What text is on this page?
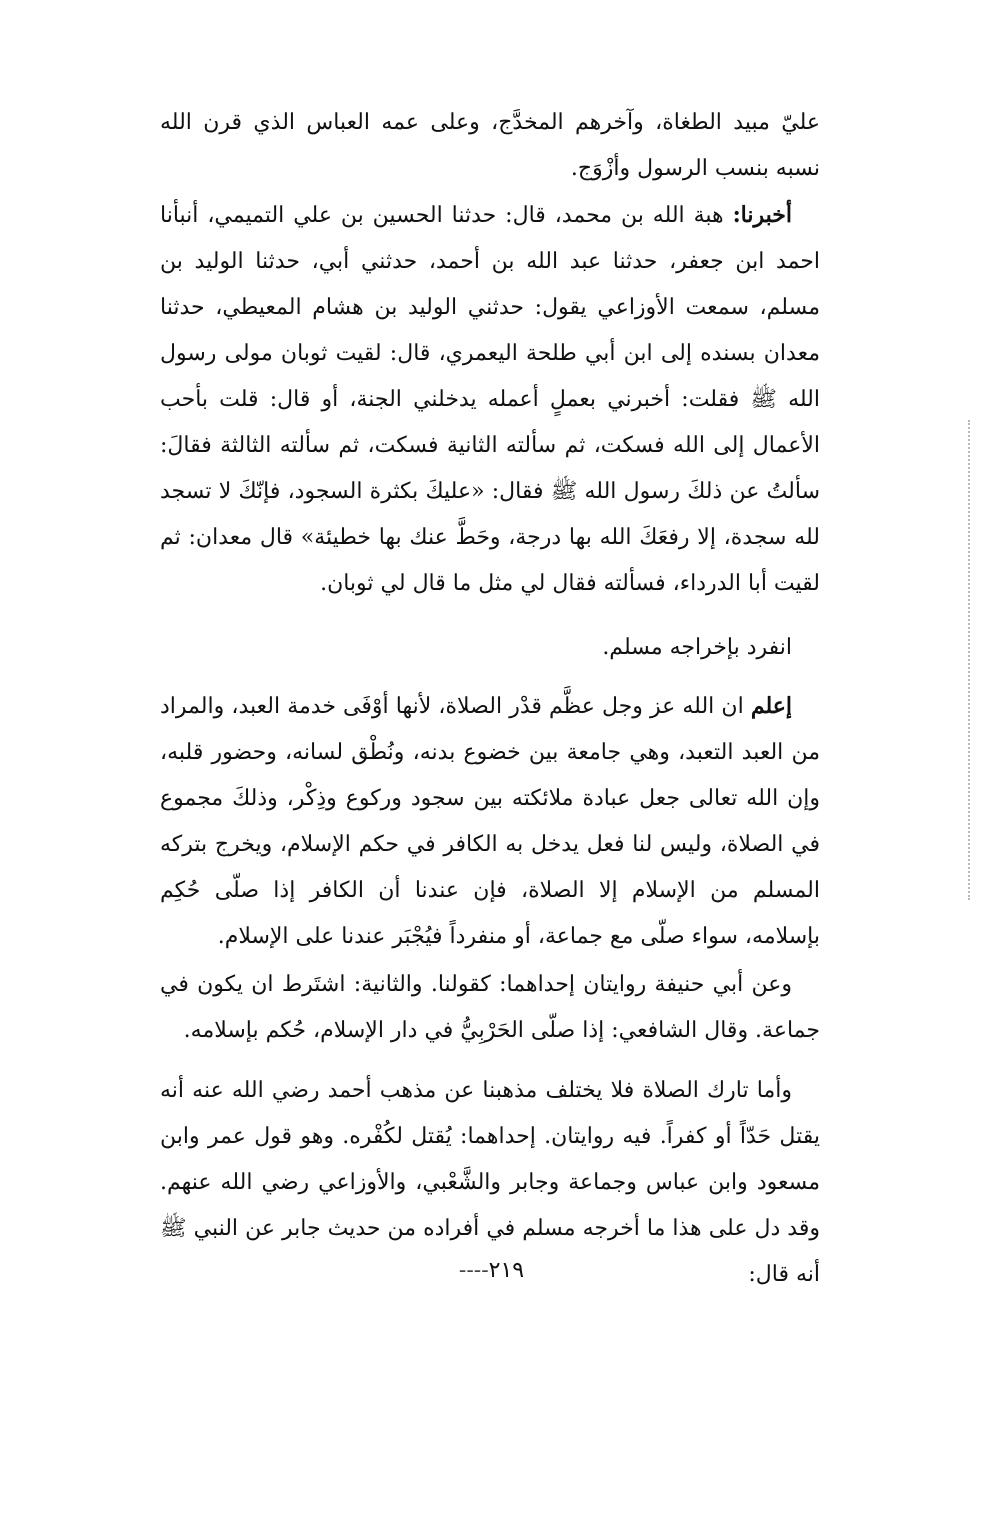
عليّ مبيد الطغاة، وآخرهم المخدَّج، وعلى عمه العباس الذي قرن الله نسبه بنسب الرسول وأزْوَج.

أخبرنا: هبة الله بن محمد، قال: حدثنا الحسين بن علي التميمي، أنبأنا احمد ابن جعفر، حدثنا عبد الله بن أحمد، حدثني أبي، حدثنا الوليد بن مسلم، سمعت الأوزاعي يقول: حدثني الوليد بن هشام المعيطي، حدثنا معدان بسنده إلى ابن أبي طلحة اليعمري، قال: لقيت ثوبان مولى رسول الله ﷺ فقلت: أخبرني بعملٍ أعمله يدخلني الجنة، أو قال: قلت بأحب الأعمال إلى الله فسكت، ثم سألته الثانية فسكت، ثم سألته الثالثة فقالَ: سألتُ عن ذلكَ رسول الله ﷺ فقال: «عليكَ بكثرة السجود، فإنّكَ لا تسجد لله سجدة، إلا رفعَكَ الله بها درجة، وحَطَّ عنك بها خطيئة» قال معدان: ثم لقيت أبا الدرداء، فسألته فقال لي مثل ما قال لي ثوبان.

انفرد بإخراجه مسلم.

إعلم ان الله عز وجل عظَّم قدْر الصلاة، لأنها أوْفَى خدمة العبد، والمراد من العبد التعبد، وهي جامعة بين خضوع بدنه، ونُطْق لسانه، وحضور قلبه، وإن الله تعالى جعل عبادة ملائكته بين سجود وركوع وذِكْر، وذلكَ مجموع في الصلاة، وليس لنا فعل يدخل به الكافر في حكم الإسلام، ويخرج بتركه المسلم من الإسلام إلا الصلاة، فإن عندنا أن الكافر إذا صلّى حُكِم بإسلامه، سواء صلّى مع جماعة، أو منفرداً فيُجْبَر عندنا على الإسلام.

وعن أبي حنيفة روايتان إحداهما: كقولنا. والثانية: اشتَرط ان يكون في جماعة. وقال الشافعي: إذا صلّى الحَرْبِيُّ في دار الإسلام، حُكم بإسلامه.

وأما تارك الصلاة فلا يختلف مذهبنا عن مذهب أحمد رضي الله عنه أنه يقتل حَدّاً أو كفراً. فيه روايتان. إحداهما: يُقتل لكُفْره. وهو قول عمر وابن مسعود وابن عباس وجماعة وجابر والشَّعْبي، والأوزاعي رضي الله عنهم. وقد دل على هذا ما أخرجه مسلم في أفراده من حديث جابر عن النبي ﷺ أنه قال:

----٢١٩
